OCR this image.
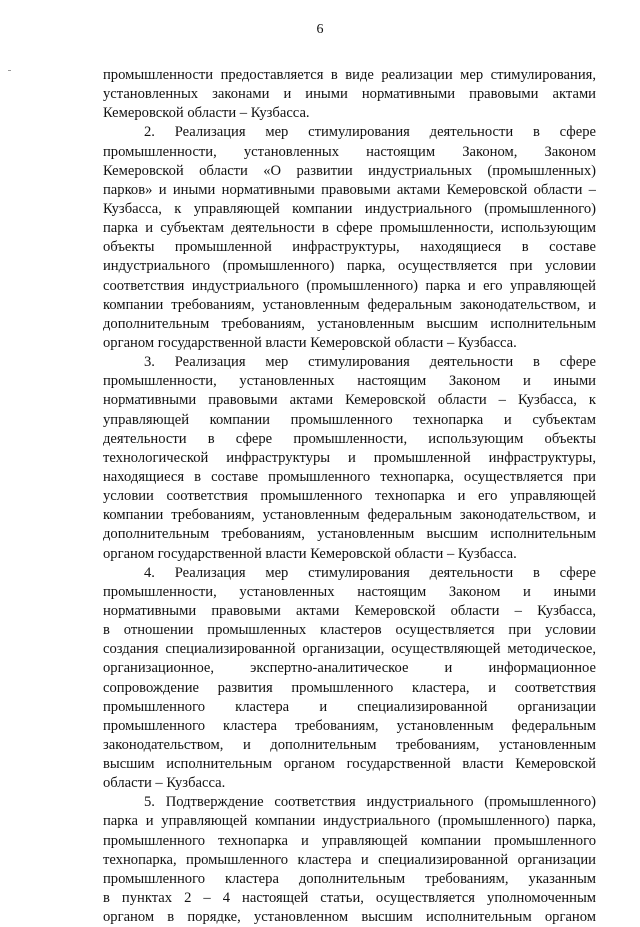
6
промышленности предоставляется в виде реализации мер стимулирования,
установленных законами и иными нормативными правовыми актами
Кемеровской области – Кузбасса.
2. Реализация мер стимулирования деятельности в сфере
промышленности, установленных настоящим Законом, Законом
Кемеровской области «О развитии индустриальных (промышленных)
парков» и иными нормативными правовыми актами Кемеровской области –
Кузбасса, к управляющей компании индустриального (промышленного)
парка и субъектам деятельности в сфере промышленности, использующим
объекты промышленной инфраструктуры, находящиеся в составе
индустриального (промышленного) парка, осуществляется при условии
соответствия индустриального (промышленного) парка и его управляющей
компании требованиям, установленным федеральным законодательством, и
дополнительным требованиям, установленным высшим исполнительным
органом государственной власти Кемеровской области – Кузбасса.
3. Реализация мер стимулирования деятельности в сфере
промышленности, установленных настоящим Законом и иными
нормативными правовыми актами Кемеровской области – Кузбасса, к
управляющей компании промышленного технопарка и субъектам
деятельности в сфере промышленности, использующим объекты
технологической инфраструктуры и промышленной инфраструктуры,
находящиеся в составе промышленного технопарка, осуществляется при
условии соответствия промышленного технопарка и его управляющей
компании требованиям, установленным федеральным законодательством, и
дополнительным требованиям, установленным высшим исполнительным
органом государственной власти Кемеровской области – Кузбасса.
4. Реализация мер стимулирования деятельности в сфере
промышленности, установленных настоящим Законом и иными
нормативными правовыми актами Кемеровской области – Кузбасса,
в отношении промышленных кластеров осуществляется при условии
создания специализированной организации, осуществляющей методическое,
организационное, экспертно-аналитическое и информационное
сопровождение развития промышленного кластера, и соответствия
промышленного кластера и специализированной организации
промышленного кластера требованиям, установленным федеральным
законодательством, и дополнительным требованиям, установленным
высшим исполнительным органом государственной власти Кемеровской
области – Кузбасса.
5. Подтверждение соответствия индустриального (промышленного)
парка и управляющей компании индустриального (промышленного) парка,
промышленного технопарка и управляющей компании промышленного
технопарка, промышленного кластера и специализированной организации
промышленного кластера дополнительным требованиям, указанным
в пунктах 2 – 4 настоящей статьи, осуществляется уполномоченным
органом в порядке, установленном высшим исполнительным органом
